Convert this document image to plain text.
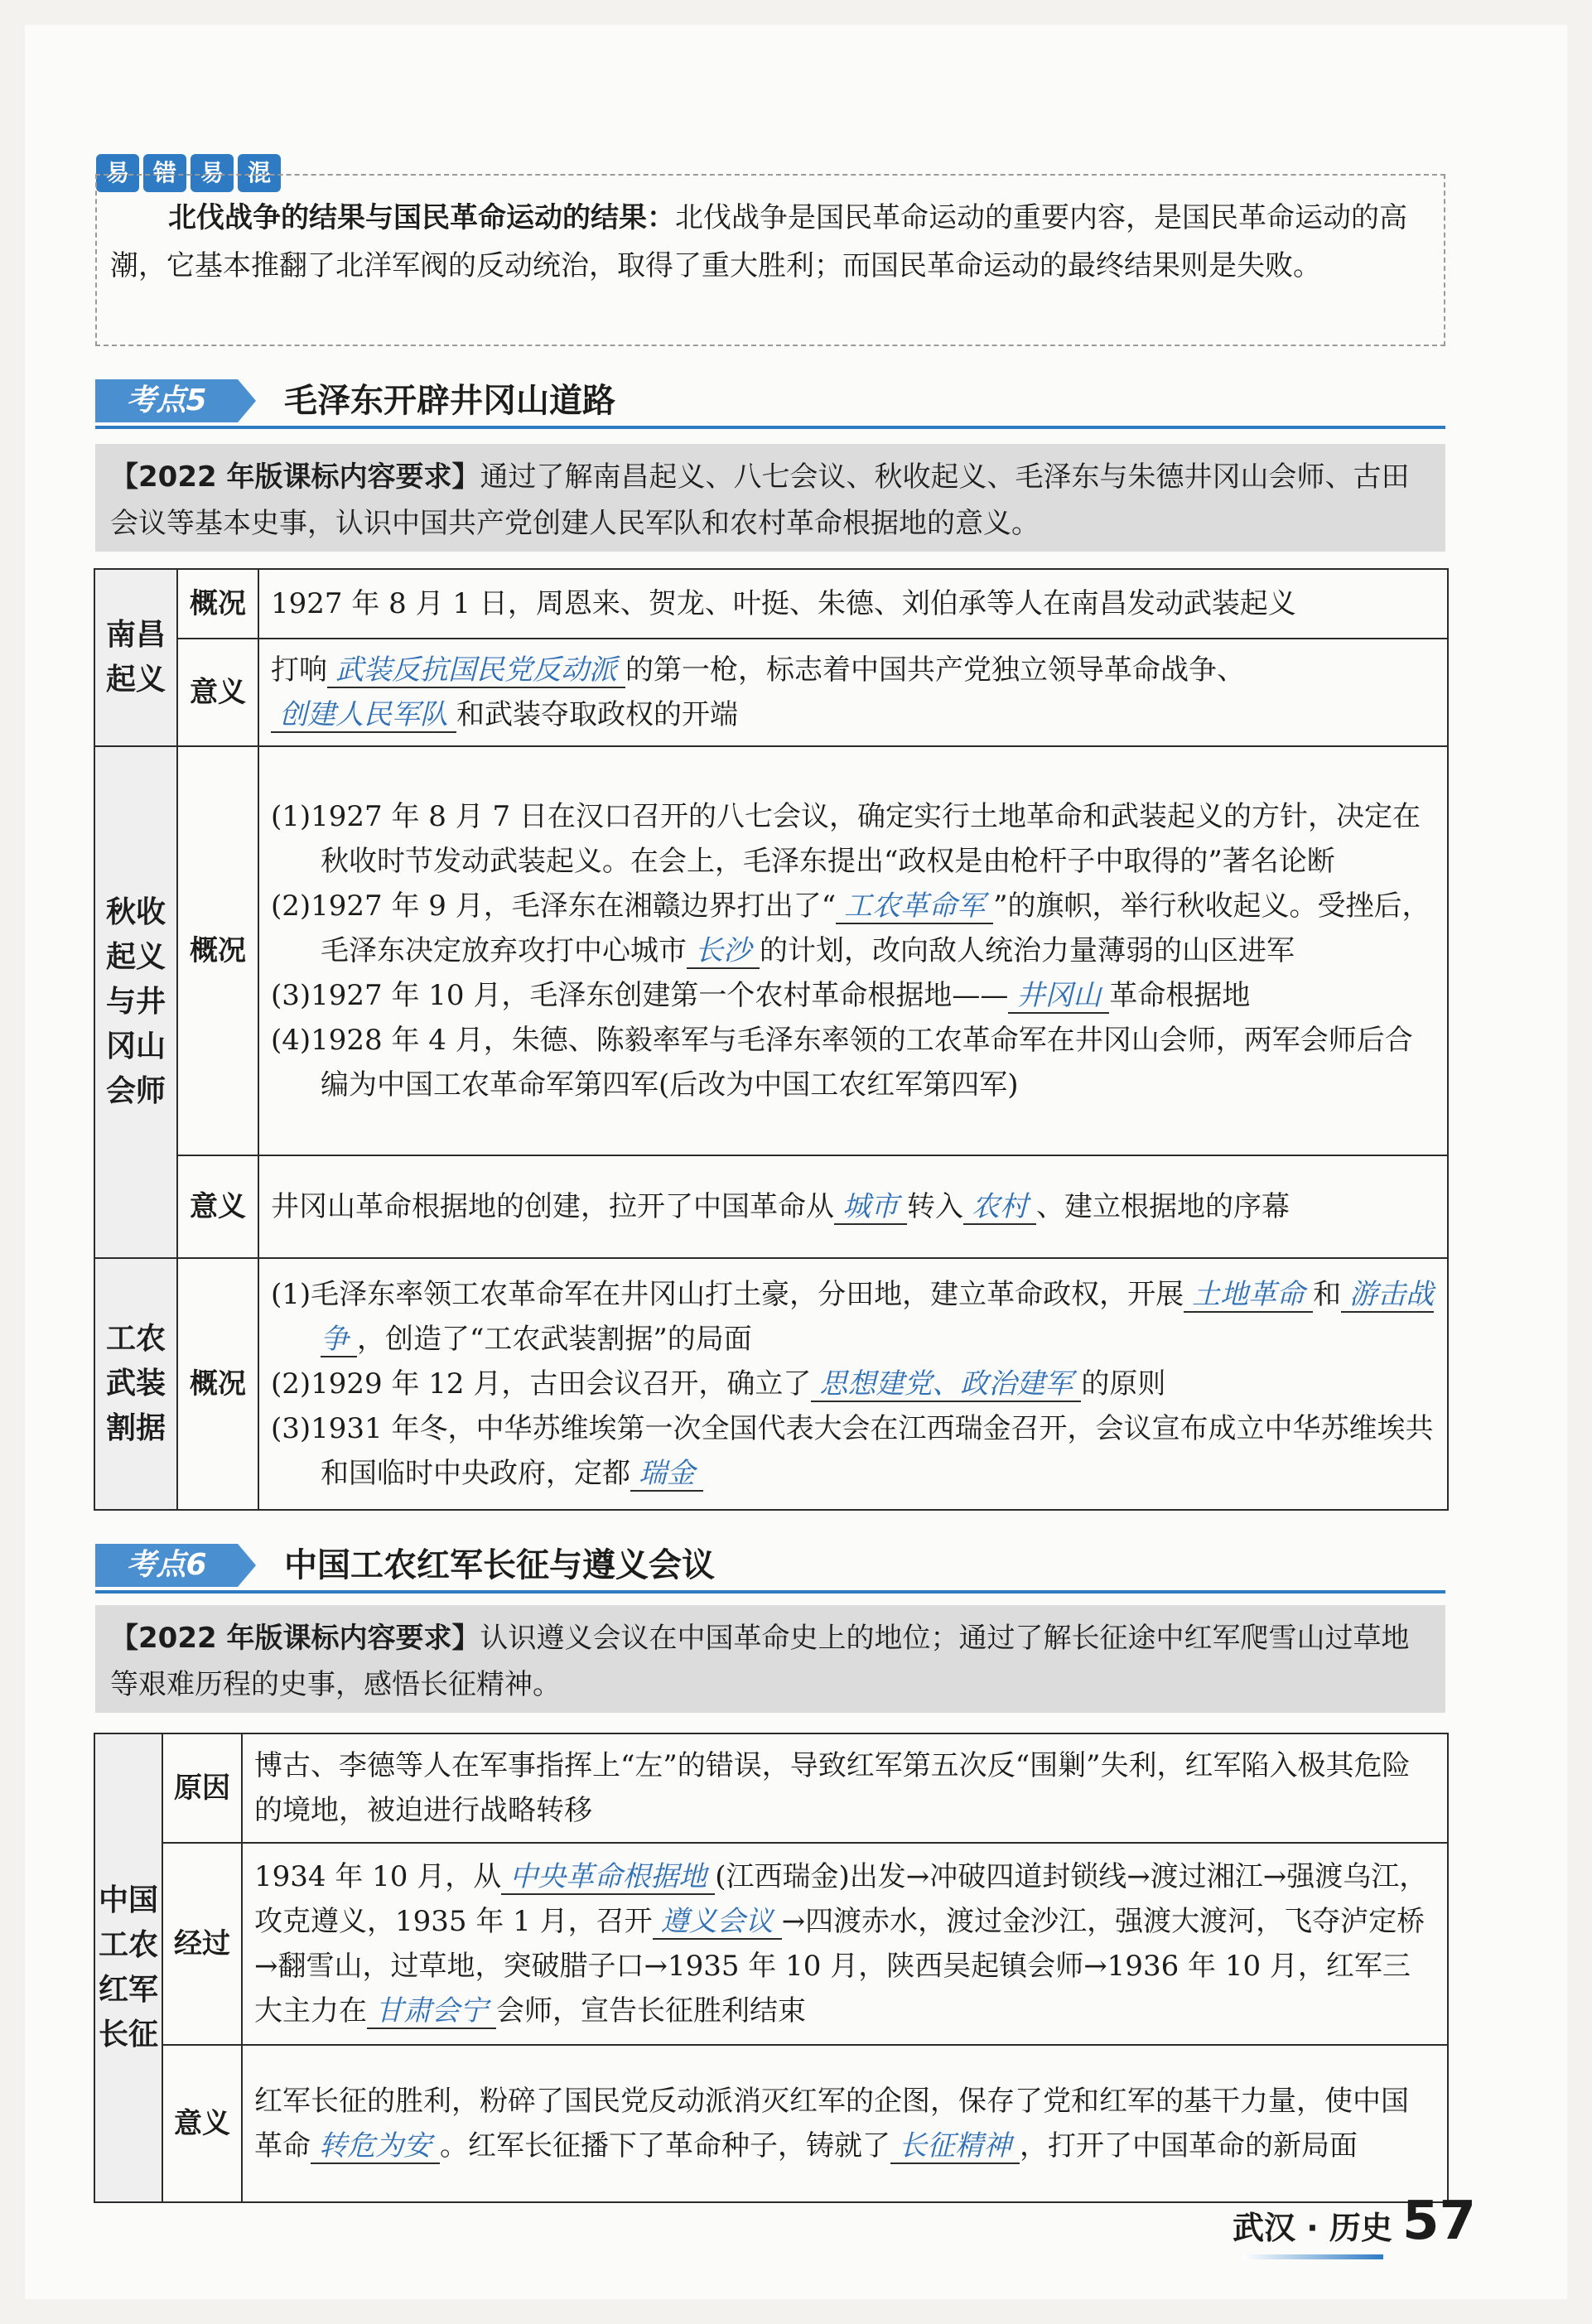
易	错	易	混
北伐战争的结果与国民革命运动的结果：北伐战争是国民革命运动的重要内容，是国民革命运动的高潮，它基本推翻了北洋军阀的反动统治，取得了重大胜利；而国民革命运动的最终结果则是失败。
考点5	毛泽东开辟井冈山道路
【2022 年版课标内容要求】通过了解南昌起义、八七会议、秋收起义、毛泽东与朱德井冈山会师、古田会议等基本史事，认识中国共产党创建人民军队和农村革命根据地的意义。
南昌起义	概况	1927 年 8 月 1 日，周恩来、贺龙、叶挺、朱德、刘伯承等人在南昌发动武装起义
	意义	打响 武装反抗国民党反动派 的第一枪，标志着中国共产党独立领导革命战争、
创建人民军队 和武装夺取政权的开端

秋收起义与井冈山会师	概况	(1)1927 年 8 月 7 日在汉口召开的八七会议，确定实行土地革命和武装起义的方针，决定在秋收时节发动武装起义。在会上，毛泽东提出“政权是由枪杆子中取得的”著名论断
(2)1927 年 9 月，毛泽东在湘赣边界打出了“ 工农革命军 ”的旗帜，举行秋收起义。受挫后，毛泽东决定放弃攻打中心城市 长沙 的计划，改向敌人统治力量薄弱的山区进军
(3)1927 年 10 月，毛泽东创建第一个农村革命根据地—— 井冈山 革命根据地
(4)1928 年 4 月，朱德、陈毅率军与毛泽东率领的工农革命军在井冈山会师，两军会师后合编为中国工农革命军第四军(后改为中国工农红军第四军)

	意义	井冈山革命根据地的创建，拉开了中国革命从 城市 转入 农村 、建立根据地的序幕

工农武装割据	概况	(1)毛泽东率领工农革命军在井冈山打土豪，分田地，建立革命政权，开展 土地革命 和 游击战争 ，创造了“工农武装割据”的局面
(2)1929 年 12 月，古田会议召开，确立了 思想建党、政治建军 的原则
(3)1931 年冬，中华苏维埃第一次全国代表大会在江西瑞金召开，会议宣布成立中华苏维埃共和国临时中央政府，定都 瑞金
考点6	中国工农红军长征与遵义会议
【2022 年版课标内容要求】认识遵义会议在中国革命史上的地位；通过了解长征途中红军爬雪山过草地等艰难历程的史事，感悟长征精神。
中国工农红军长征	原因	博古、李德等人在军事指挥上“左”的错误，导致红军第五次反“围剿”失利，红军陷入极其危险的境地，被迫进行战略转移
	经过	1934 年 10 月，从 中央革命根据地 (江西瑞金)出发→冲破四道封锁线→渡过湘江→强渡乌江，攻克遵义，1935 年 1 月，召开 遵义会议 →四渡赤水，渡过金沙江，强渡大渡河，飞夺泸定桥→翻雪山，过草地，突破腊子口→1935 年 10 月，陕西吴起镇会师→1936 年 10 月，红军三大主力在 甘肃会宁 会师，宣告长征胜利结束
	意义	红军长征的胜利，粉碎了国民党反动派消灭红军的企图，保存了党和红军的基干力量，使中国革命 转危为安 。红军长征播下了革命种子，铸就了 长征精神 ，打开了中国革命的新局面
武汉 · 历史 57
